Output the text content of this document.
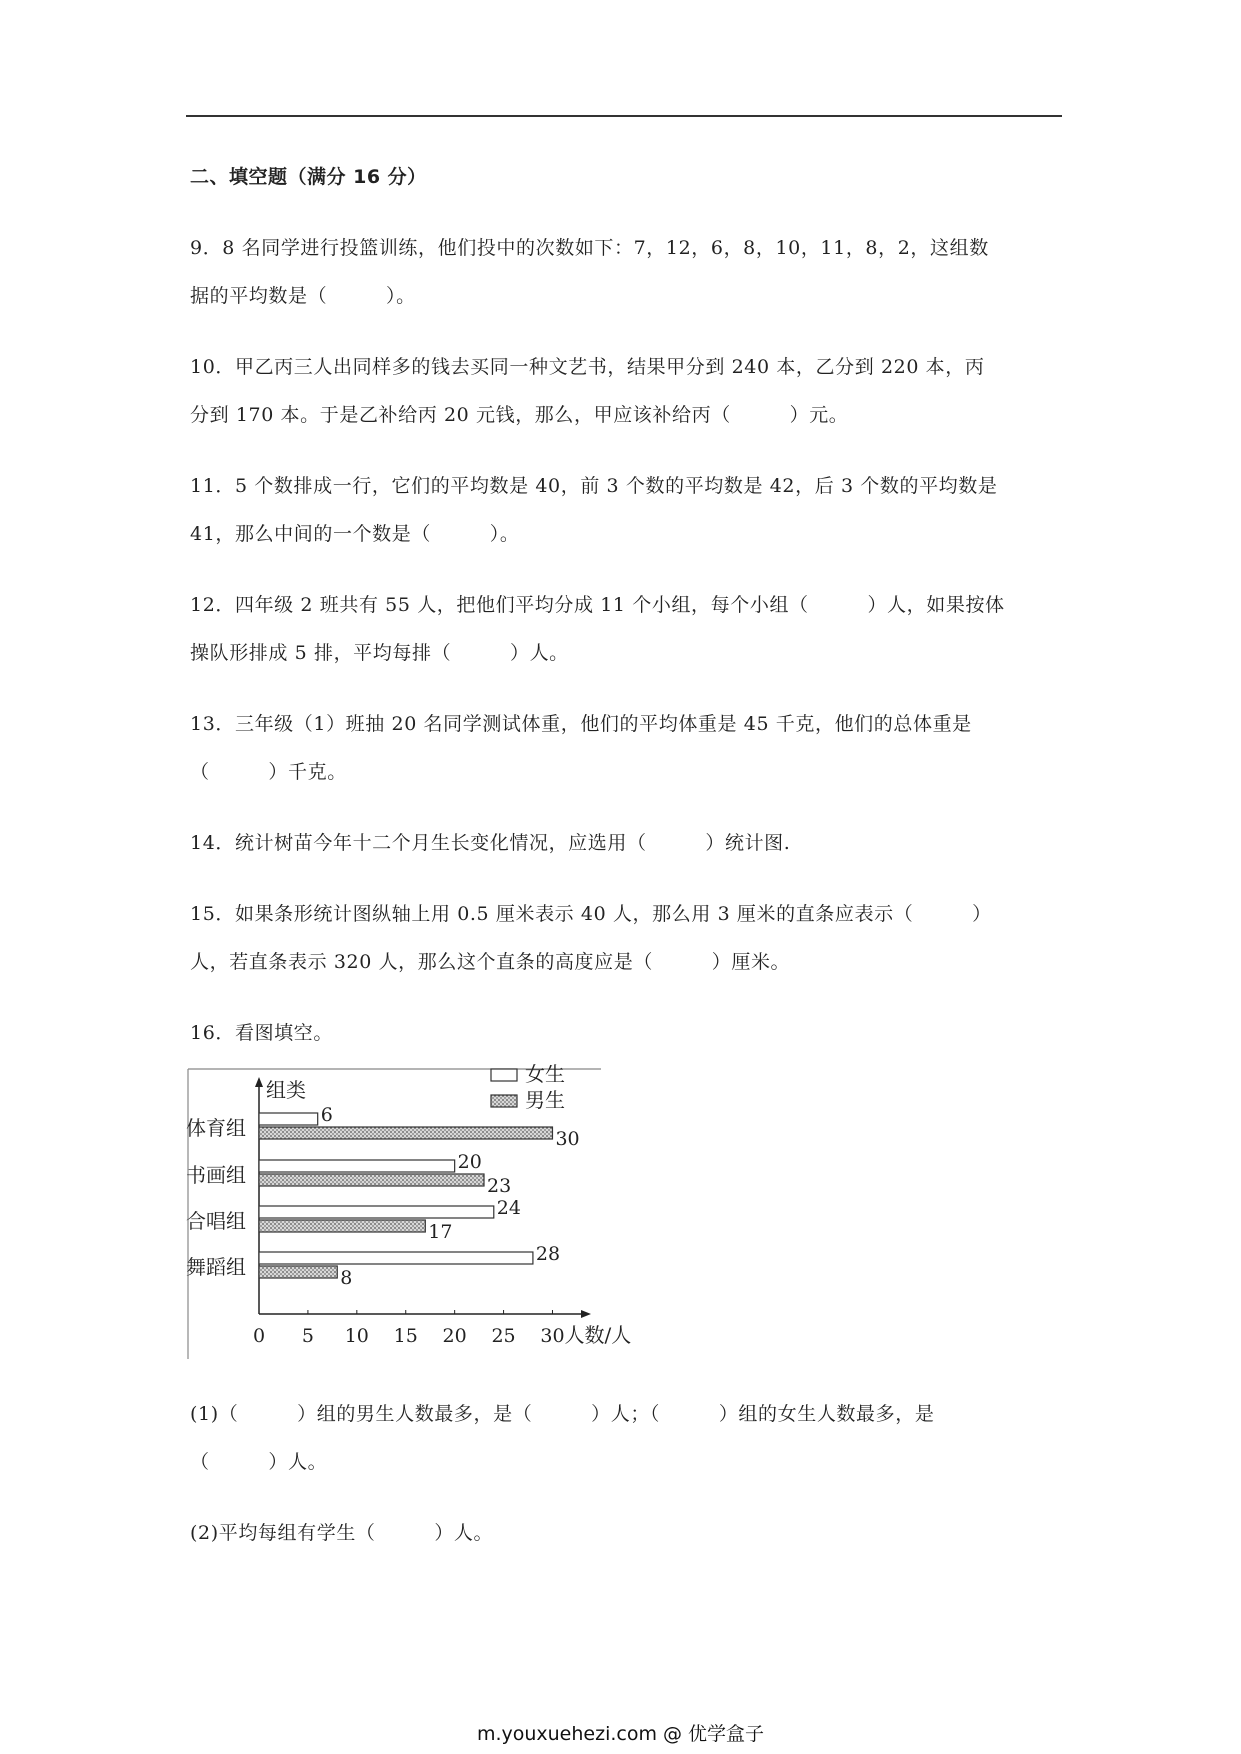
二、填空题（满分 16 分）
9．8 名同学进行投篮训练，他们投中的次数如下：7，12，6，8，10，11，8，2，这组数
据的平均数是（　　　）。
10．甲乙丙三人出同样多的钱去买同一种文艺书，结果甲分到 240 本，乙分到 220 本，丙
分到 170 本。于是乙补给丙 20 元钱，那么，甲应该补给丙（　　　）元。
11．5 个数排成一行，它们的平均数是 40，前 3 个数的平均数是 42，后 3 个数的平均数是
41，那么中间的一个数是（　　　）。
12．四年级 2 班共有 55 人，把他们平均分成 11 个小组，每个小组（　　　）人，如果按体
操队形排成 5 排，平均每排（　　　）人。
13．三年级（1）班抽 20 名同学测试体重，他们的平均体重是 45 千克，他们的总体重是
（　　　）千克。
14．统计树苗今年十二个月生长变化情况，应选用（　　　）统计图.
15．如果条形统计图纵轴上用 0.5 厘米表示 40 人，那么用 3 厘米的直条应表示（　　　）
人，若直条表示 320 人，那么这个直条的高度应是（　　　）厘米。
16．看图填空。
组类
0 5 10 15 20 25 30 人数/人
体育组
6
30
书画组
20
23
合唱组
24
17
舞蹈组
28
8
女生
男生
(1)（　　　）组的男生人数最多，是（　　　）人；（　　　）组的女生人数最多，是
（　　　）人。
(2)平均每组有学生（　　　）人。
m.youxuehezi.com @ 优学盒子
